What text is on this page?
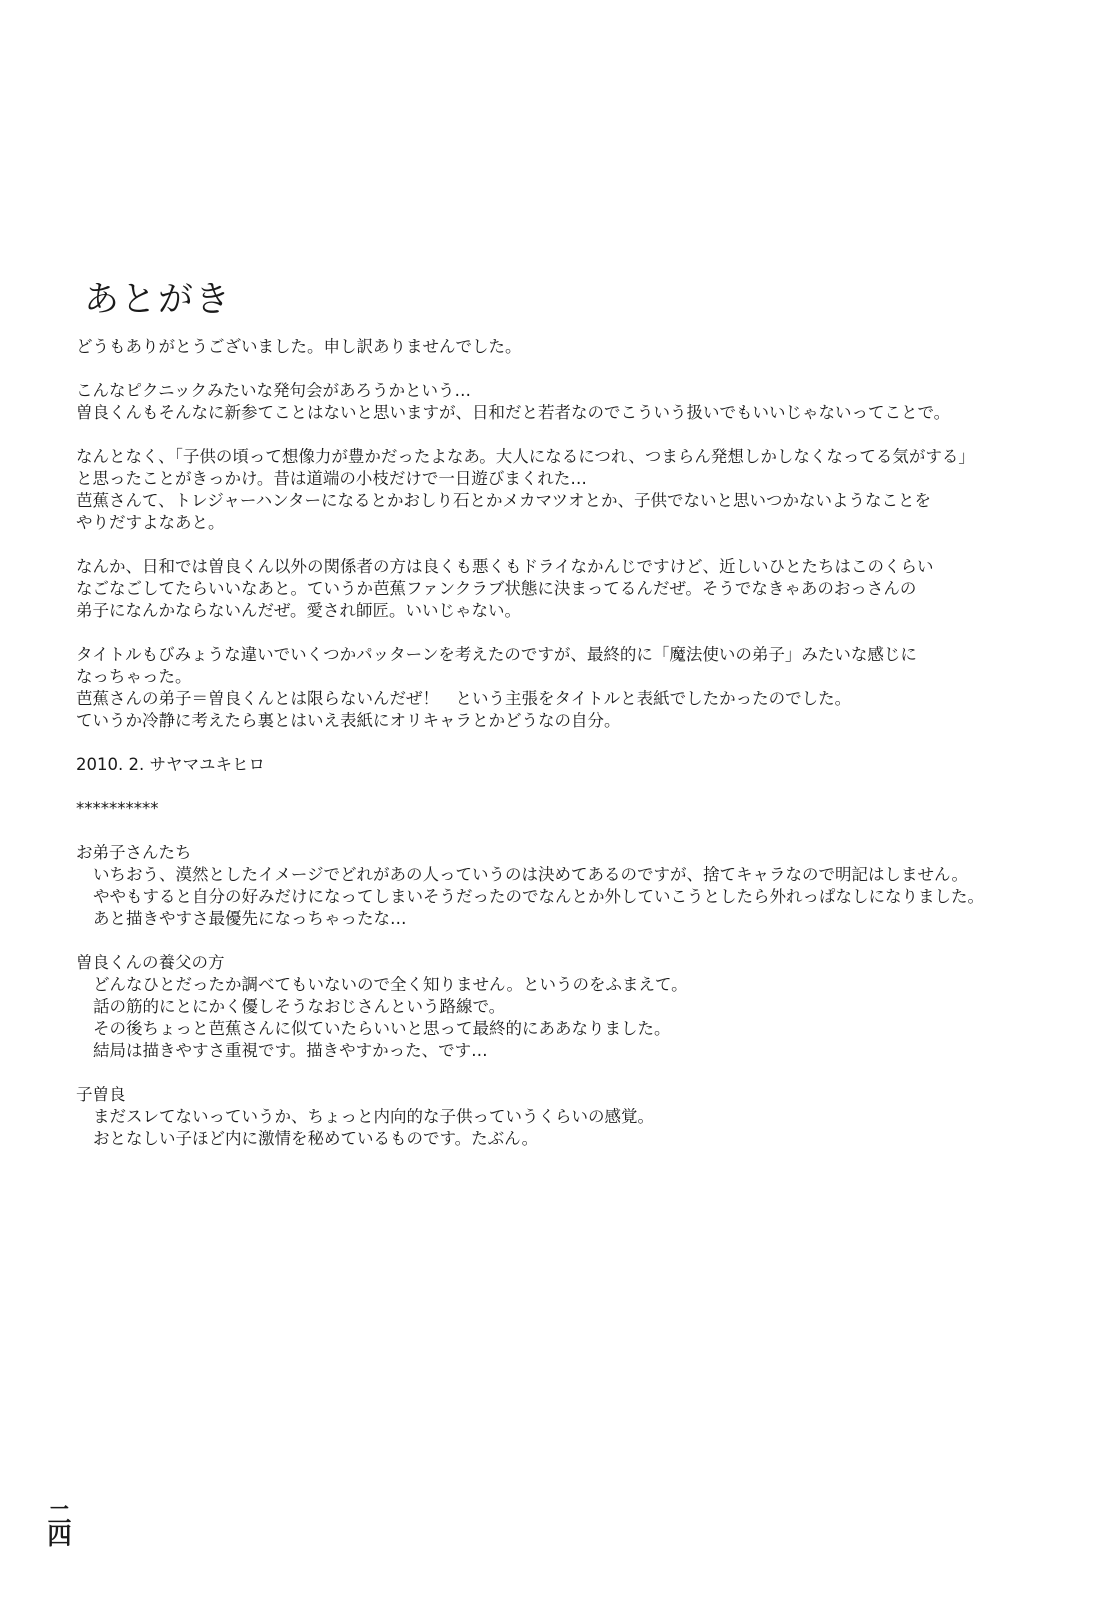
あとがき
どうもありがとうございました。申し訳ありませんでした。
こんなピクニックみたいな発句会があろうかという…
曽良くんもそんなに新参てことはないと思いますが、日和だと若者なのでこういう扱いでもいいじゃないってことで。
なんとなく、「子供の頃って想像力が豊かだったよなあ。大人になるにつれ、つまらん発想しかしなくなってる気がする」
と思ったことがきっかけ。昔は道端の小枝だけで一日遊びまくれた…
芭蕉さんて、トレジャーハンターになるとかおしり石とかメカマツオとか、子供でないと思いつかないようなことを
やりだすよなあと。
なんか、日和では曽良くん以外の関係者の方は良くも悪くもドライなかんじですけど、近しいひとたちはこのくらい
なごなごしてたらいいなあと。ていうか芭蕉ファンクラブ状態に決まってるんだぜ。そうでなきゃあのおっさんの
弟子になんかならないんだぜ。愛され師匠。いいじゃない。
タイトルもびみょうな違いでいくつかパッターンを考えたのですが、最終的に「魔法使いの弟子」みたいな感じに
なっちゃった。
芭蕉さんの弟子＝曽良くんとは限らないんだぜ！　という主張をタイトルと表紙でしたかったのでした。
ていうか冷静に考えたら裏とはいえ表紙にオリキャラとかどうなの自分。
2010. 2. サヤマユキヒロ
**********
お弟子さんたち
いちおう、漠然としたイメージでどれがあの人っていうのは決めてあるのですが、捨てキャラなので明記はしません。
ややもすると自分の好みだけになってしまいそうだったのでなんとか外していこうとしたら外れっぱなしになりました。
あと描きやすさ最優先になっちゃったな…
曽良くんの養父の方
どんなひとだったか調べてもいないので全く知りません。というのをふまえて。
話の筋的にとにかく優しそうなおじさんという路線で。
その後ちょっと芭蕉さんに似ていたらいいと思って最終的にああなりました。
結局は描きやすさ重視です。描きやすかった、です…
子曽良
まだスレてないっていうか、ちょっと内向的な子供っていうくらいの感覚。
おとなしい子ほど内に激情を秘めているものです。たぶん。
二四
